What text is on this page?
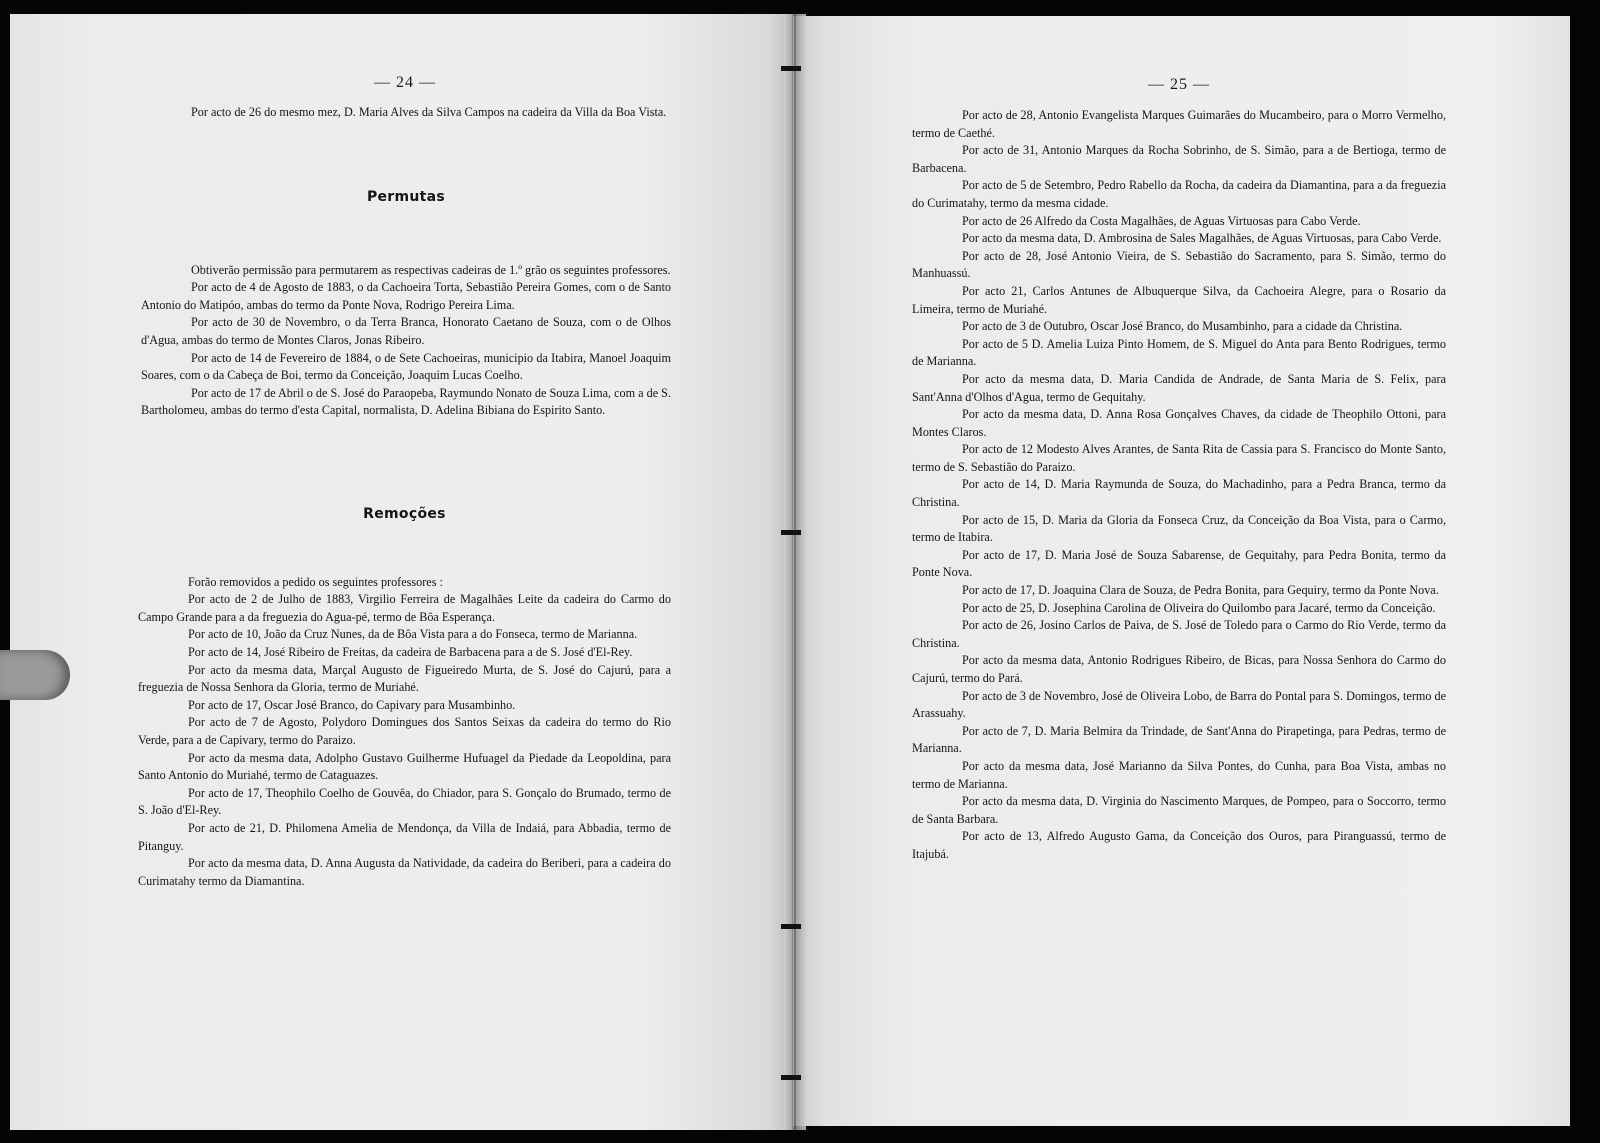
— 24 —

Por acto de 26 do mesmo mez, D. Maria Alves da Silva Campos na cadeira da Villa da Boa Vista.

Permutas

Obtiverão permissão para permutarem as respectivas cadeiras de 1.º grão os seguintes professores.

Por acto de 4 de Agosto de 1883, o da Cachoeira Torta, Sebastião Pereira Gomes, com o de Santo Antonio do Matipóo, ambas do termo da Ponte Nova, Rodrigo Pereira Lima.

Por acto de 30 de Novembro, o da Terra Branca, Honorato Caetano de Souza, com o de Olhos d'Agua, ambas do termo de Montes Claros, Jonas Ribeiro.

Por acto de 14 de Fevereiro de 1884, o de Sete Cachoeiras, municipio da Itabira, Manoel Joaquim Soares, com o da Cabeça de Boi, termo da Conceição, Joaquim Lucas Coelho.

Por acto de 17 de Abril o de S. José do Paraopeba, Raymundo Nonato de Souza Lima, com a de S. Bartholomeu, ambas do termo d'esta Capital, normalista, D. Adelina Bibiana do Espirito Santo.

Remoções

Forão removidos a pedido os seguintes professores :

Por acto de 2 de Julho de 1883, Virgilio Ferreira de Magalhães Leite da cadeira do Carmo do Campo Grande para a da freguezia do Agua-pé, termo de Bôa Esperança.

Por acto de 10, João da Cruz Nunes, da de Bôa Vista para a do Fonseca, termo de Marianna.

Por acto de 14, José Ribeiro de Freitas, da cadeira de Barbacena para a de S. José d'El-Rey.

Por acto da mesma data, Marçal Augusto de Figueiredo Murta, de S. José do Cajurú, para a freguezia de Nossa Senhora da Gloria, termo de Muriahé.

Por acto de 17, Oscar José Branco, do Capivary para Musambinho.

Por acto de 7 de Agosto, Polydoro Domingues dos Santos Seixas da cadeira do termo do Rio Verde, para a de Capivary, termo do Paraizo.

Por acto da mesma data, Adolpho Gustavo Guilherme Hufuagel da Piedade da Leopoldina, para Santo Antonio do Muriahé, termo de Cataguazes.

Por acto de 17, Theophilo Coelho de Gouvêa, do Chiador, para S. Gonçalo do Brumado, termo de S. João d'El-Rey.

Por acto de 21, D. Philomena Amelia de Mendonça, da Villa de Indaiá, para Abbadia, termo de Pitanguy.

Por acto da mesma data, D. Anna Augusta da Natividade, da cadeira do Beriberi, para a cadeira do Curimatahy termo da Diamantina.

— 25 —

Por acto de 28, Antonio Evangelista Marques Guimarães do Mucambeiro, para o Morro Vermelho, termo de Caethé.

Por acto de 31, Antonio Marques da Rocha Sobrinho, de S. Simão, para a de Bertioga, termo de Barbacena.

Por acto de 5 de Setembro, Pedro Rabello da Rocha, da cadeira da Diamantina, para a da freguezia do Curimatahy, termo da mesma cidade.

Por acto de 26 Alfredo da Costa Magalhães, de Aguas Virtuosas para Cabo Verde.

Por acto da mesma data, D. Ambrosina de Sales Magalhães, de Aguas Virtuosas, para Cabo Verde.

Por acto de 28, José Antonio Vieira, de S. Sebastião do Sacramento, para S. Simão, termo do Manhuassú.

Por acto 21, Carlos Antunes de Albuquerque Silva, da Cachoeira Alegre, para o Rosario da Limeira, termo de Muriahé.

Por acto de 3 de Outubro, Oscar José Branco, do Musambinho, para a cidade da Christina.

Por acto de 5 D. Amelia Luiza Pinto Homem, de S. Miguel do Anta para Bento Rodrigues, termo de Marianna.

Por acto da mesma data, D. Maria Candida de Andrade, de Santa Maria de S. Felix, para Sant'Anna d'Olhos d'Agua, termo de Gequitahy.

Por acto da mesma data, D. Anna Rosa Gonçalves Chaves, da cidade de Theophilo Ottoni, para Montes Claros.

Por acto de 12 Modesto Alves Arantes, de Santa Rita de Cassia para S. Francisco do Monte Santo, termo de S. Sebastião do Paraizo.

Por acto de 14, D. Maria Raymunda de Souza, do Machadinho, para a Pedra Branca, termo da Christina.

Por acto de 15, D. Maria da Gloria da Fonseca Cruz, da Conceição da Boa Vista, para o Carmo, termo de Itabira.

Por acto de 17, D. Maria José de Souza Sabarense, de Gequitahy, para Pedra Bonita, termo da Ponte Nova.

Por acto de 17, D. Joaquina Clara de Souza, de Pedra Bonita, para Gequiry, termo da Ponte Nova.

Por acto de 25, D. Josephina Carolina de Oliveira do Quilombo para Jacaré, termo da Conceição.

Por acto de 26, Josino Carlos de Paiva, de S. José de Toledo para o Carmo do Rio Verde, termo da Christina.

Por acto da mesma data, Antonio Rodrigues Ribeiro, de Bicas, para Nossa Senhora do Carmo do Cajurú, termo do Pará.

Por acto de 3 de Novembro, José de Oliveira Lobo, de Barra do Pontal para S. Domingos, termo de Arassuahy.

Por acto de 7, D. Maria Belmira da Trindade, de Sant'Anna do Pirapetinga, para Pedras, termo de Marianna.

Por acto da mesma data, José Marianno da Silva Pontes, do Cunha, para Boa Vista, ambas no termo de Marianna.

Por acto da mesma data, D. Virginia do Nascimento Marques, de Pompeo, para o Soccorro, termo de Santa Barbara.

Por acto de 13, Alfredo Augusto Gama, da Conceição dos Ouros, para Piranguassú, termo de Itajubá.
